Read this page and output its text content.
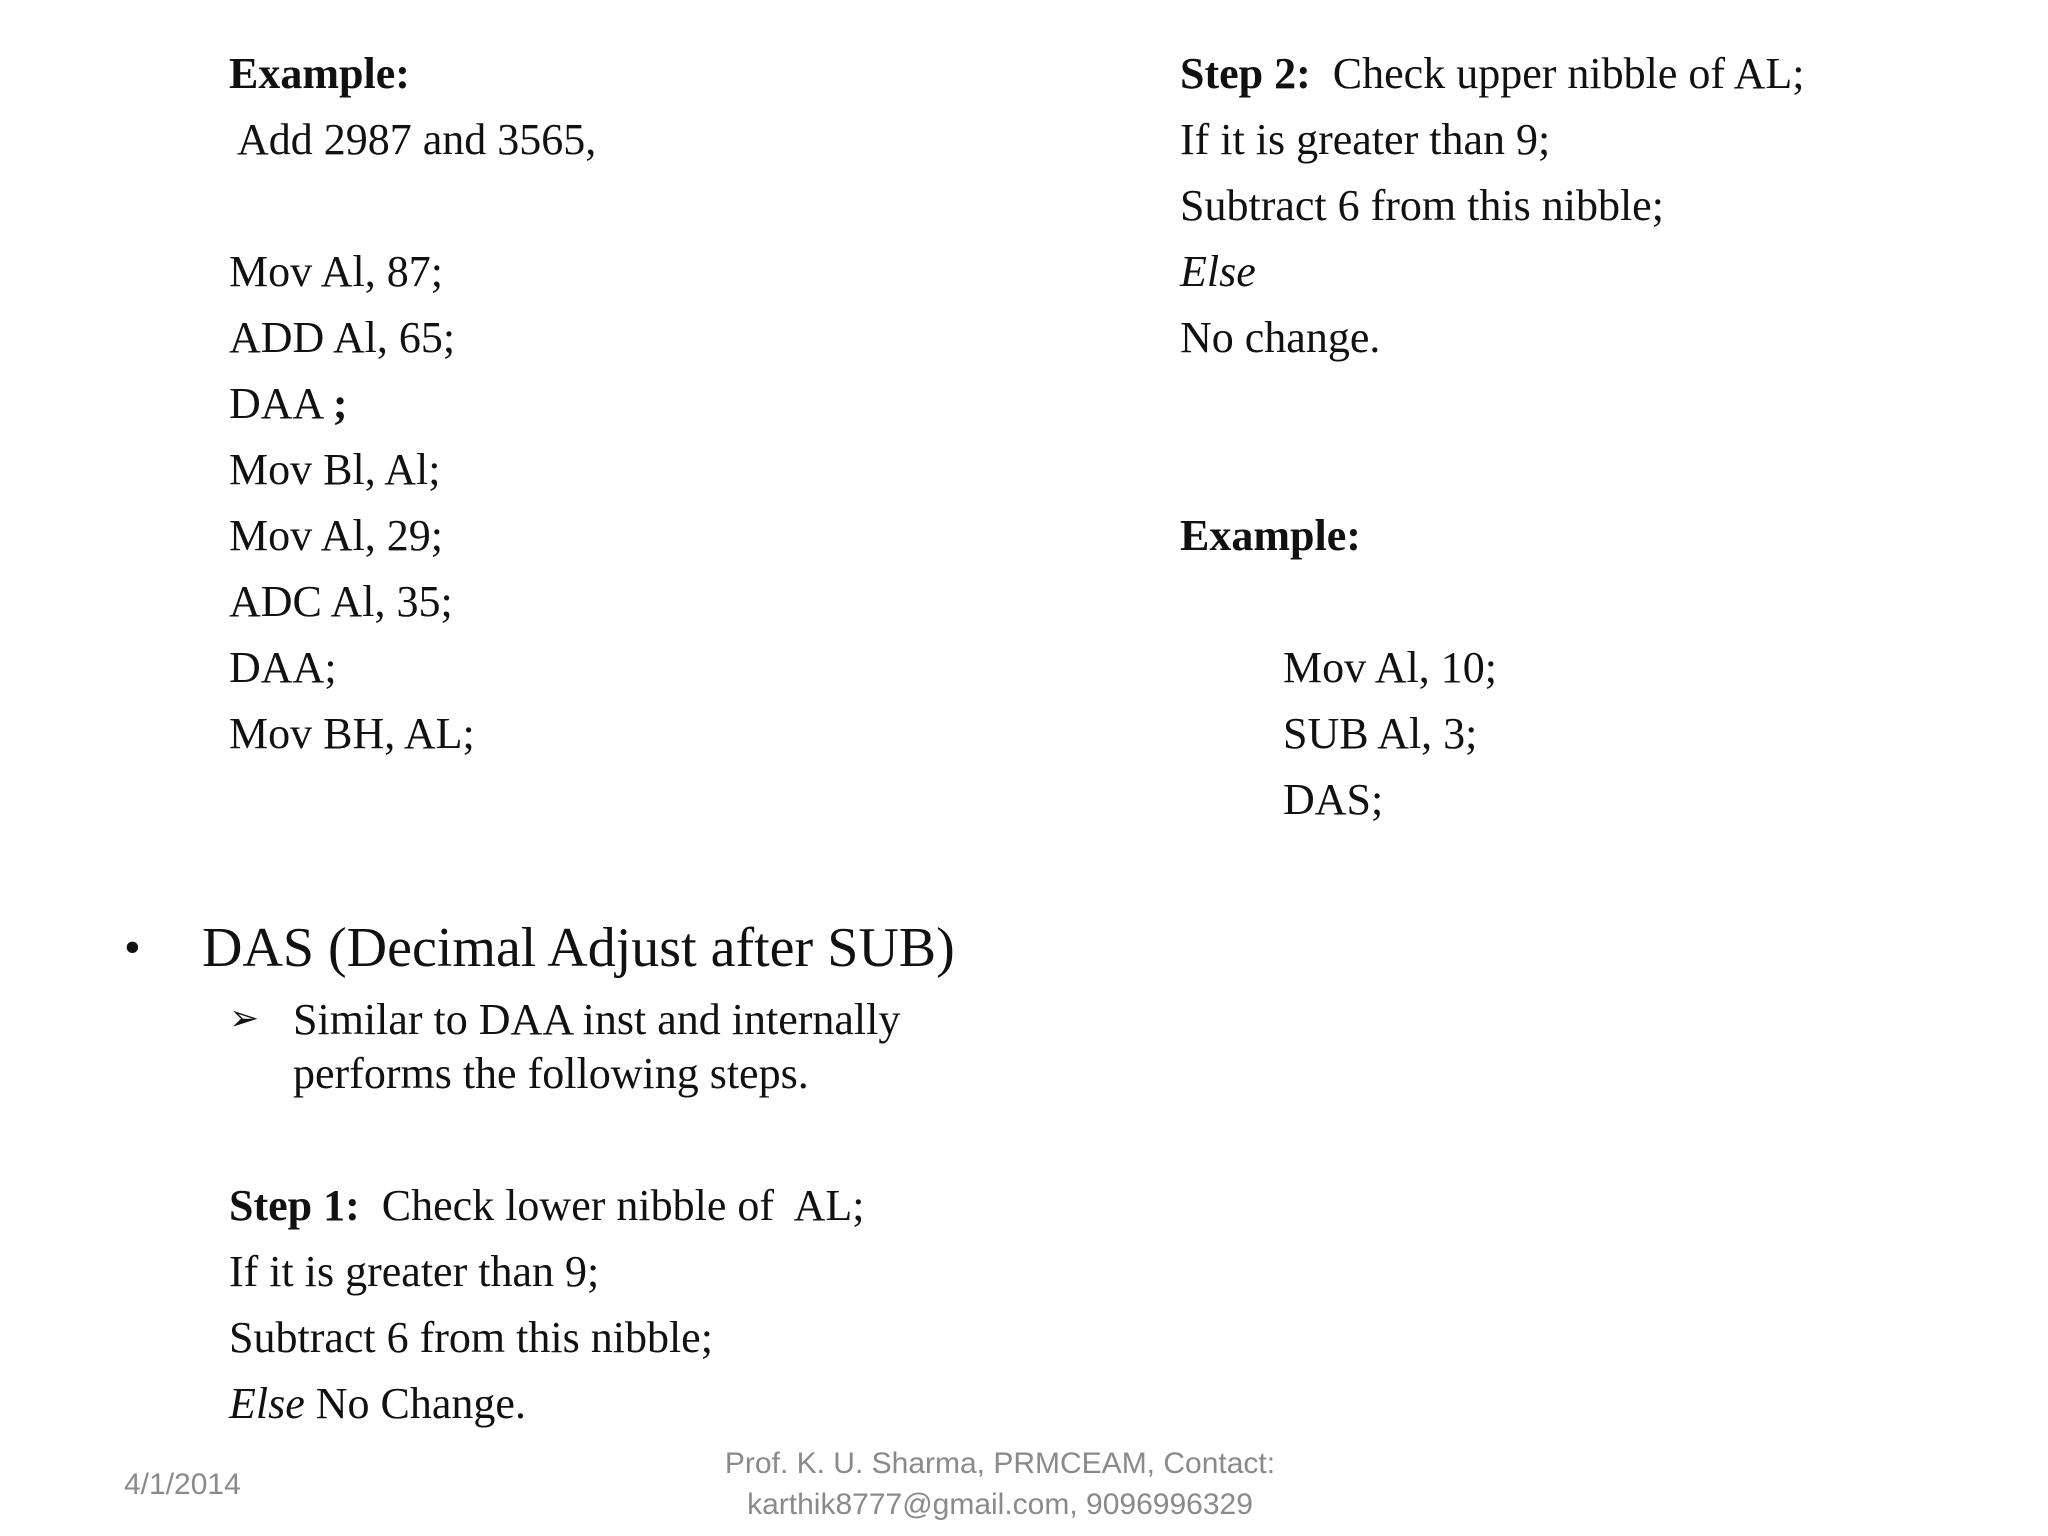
Example:
Add 2987 and 3565,
Mov Al, 87;
ADD Al, 65;
DAA ;
Mov Bl, Al;
Mov Al, 29;
ADC Al, 35;
DAA;
Mov BH, AL;
• DAS (Decimal Adjust after SUB)
➢ Similar to DAA inst and internally
performs the following steps.
Step 1: Check lower nibble of  AL;
If it is greater than 9;
Subtract 6 from this nibble;
Else No Change.
Step 2: Check upper nibble of AL;
If it is greater than 9;
Subtract 6 from this nibble;
Else
No change.
Example:
Mov Al, 10;
SUB Al, 3;
DAS;
4/1/2014
Prof. K. U. Sharma, PRMCEAM, Contact:
karthik8777@gmail.com, 9096996329
